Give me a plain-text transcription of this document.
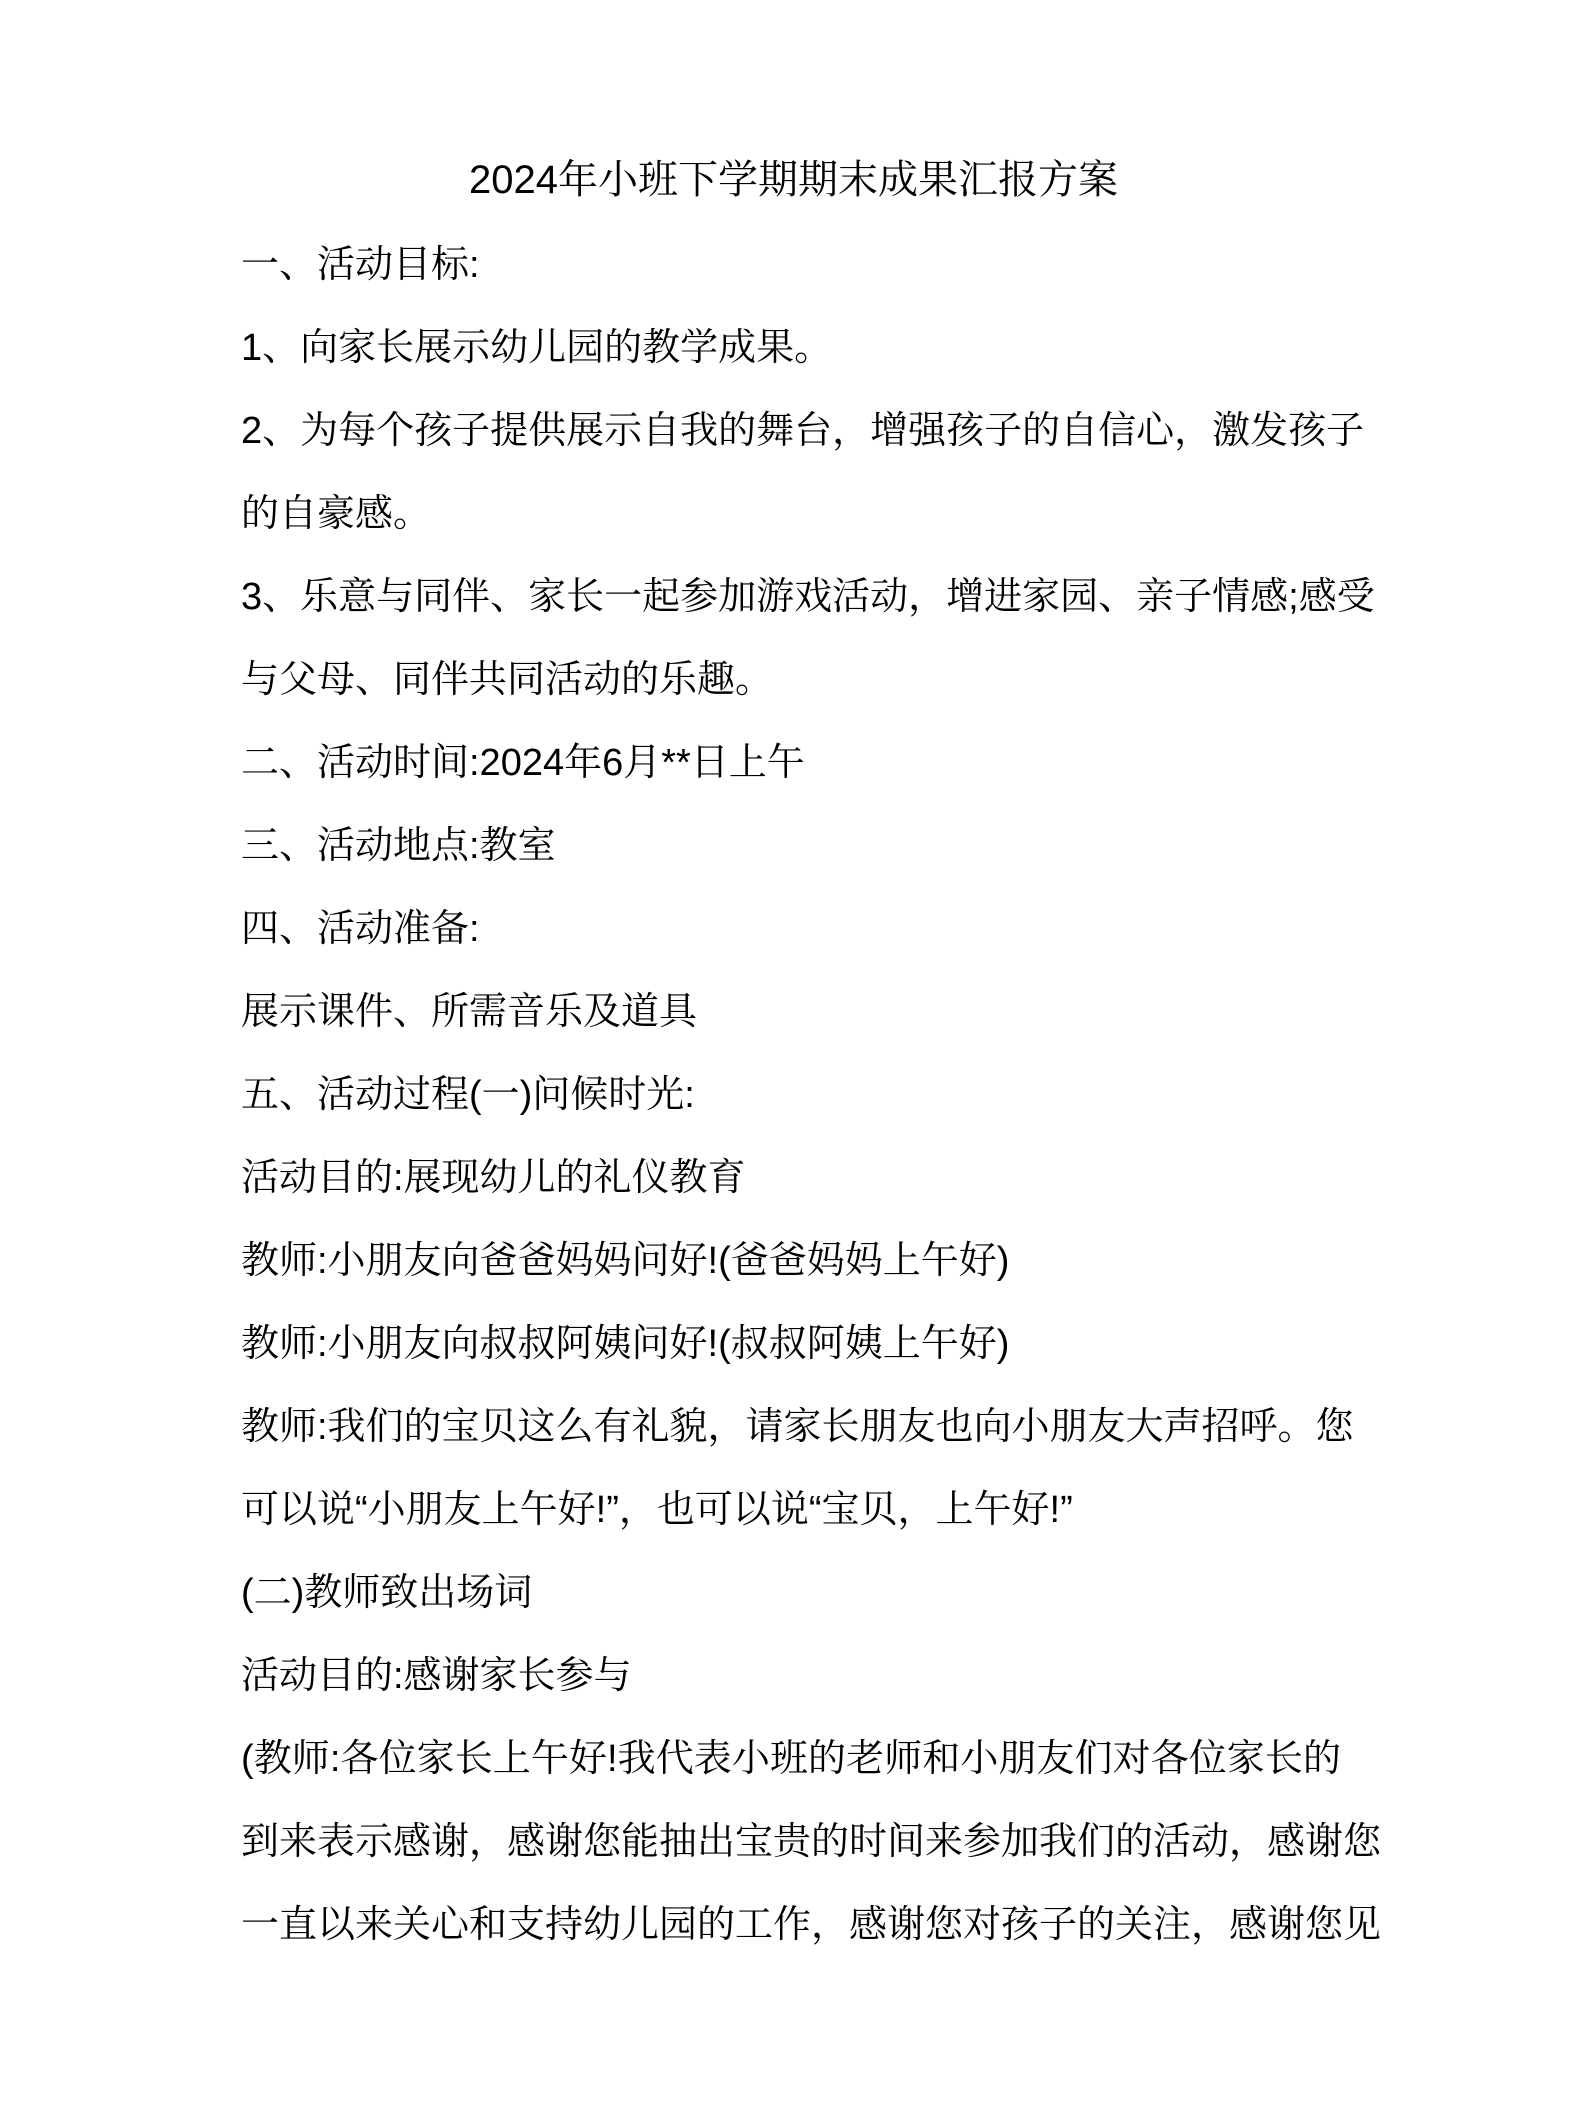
2024年小班下学期期末成果汇报方案
一、活动目标:
1、向家长展示幼儿园的教学成果。
2、为每个孩子提供展示自我的舞台，增强孩子的自信心，激发孩子
的自豪感。
3、乐意与同伴、家长一起参加游戏活动，增进家园、亲子情感;感受
与父母、同伴共同活动的乐趣。
二、活动时间:2024年6月**日上午
三、活动地点:教室
四、活动准备:
展示课件、所需音乐及道具
五、活动过程(一)问候时光:
活动目的:展现幼儿的礼仪教育
教师:小朋友向爸爸妈妈问好!(爸爸妈妈上午好)
教师:小朋友向叔叔阿姨问好!(叔叔阿姨上午好)
教师:我们的宝贝这么有礼貌，请家长朋友也向小朋友大声招呼。您
可以说“小朋友上午好!”，也可以说“宝贝，上午好!”
(二)教师致出场词
活动目的:感谢家长参与
(教师:各位家长上午好!我代表小班的老师和小朋友们对各位家长的
到来表示感谢，感谢您能抽出宝贵的时间来参加我们的活动，感谢您
一直以来关心和支持幼儿园的工作，感谢您对孩子的关注，感谢您见
